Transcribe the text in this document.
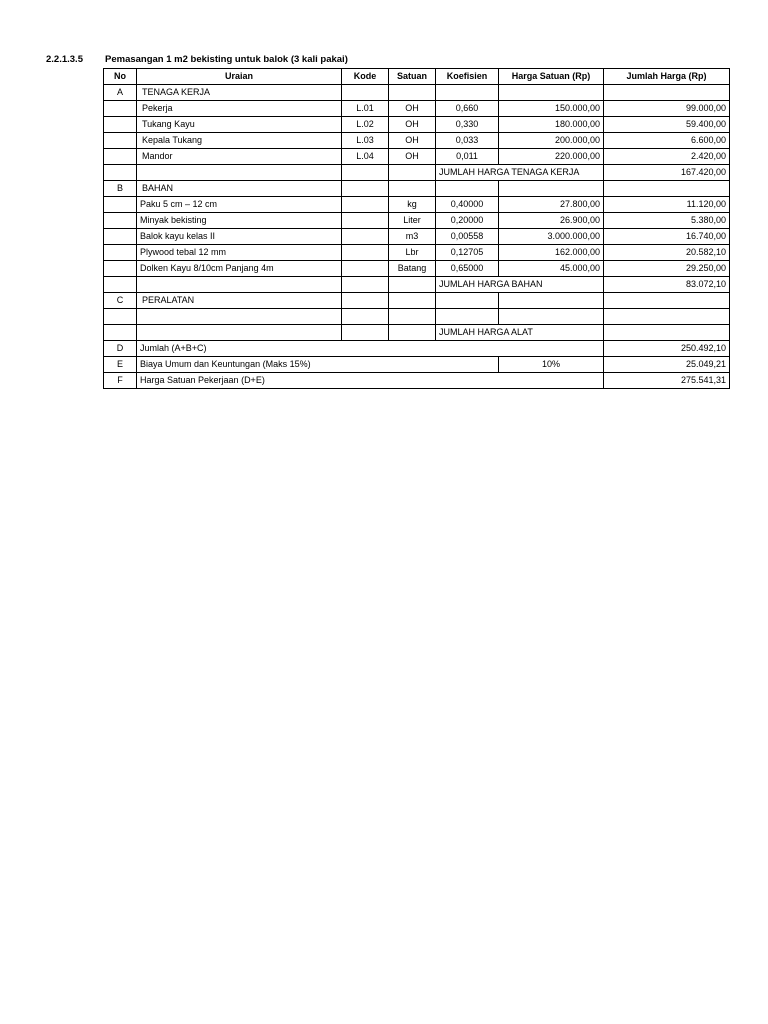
2.2.1.3.5 Pemasangan 1 m2 bekisting untuk balok (3 kali pakai)
No	Uraian	Kode	Satuan	Koefisien	Harga Satuan (Rp)	Jumlah Harga (Rp)
A	TENAGA KERJA					
	Pekerja	L.01	OH	0,660	150.000,00	99.000,00
	Tukang Kayu	L.02	OH	0,330	180.000,00	59.400,00
	Kepala Tukang	L.03	OH	0,033	200.000,00	6.600,00
	Mandor	L.04	OH	0,011	220.000,00	2.420,00
				JUMLAH HARGA TENAGA KERJA		167.420,00
B	BAHAN					
	Paku 5 cm – 12 cm		kg	0,40000	27.800,00	11.120,00
	Minyak bekisting		Liter	0,20000	26.900,00	5.380,00
	Balok kayu kelas II		m3	0,00558	3.000.000,00	16.740,00
	Plywood tebal 12 mm		Lbr	0,12705	162.000,00	20.582,10
	Dolken Kayu 8/10cm Panjang 4m		Batang	0,65000	45.000,00	29.250,00
				JUMLAH HARGA BAHAN		83.072,10
C	PERALATAN					

				JUMLAH HARGA ALAT		
D	Jumlah (A+B+C)					250.492,10
E	Biaya Umum dan Keuntungan (Maks 15%)				10%	25.049,21
F	Harga Satuan Pekerjaan (D+E)					275.541,31
